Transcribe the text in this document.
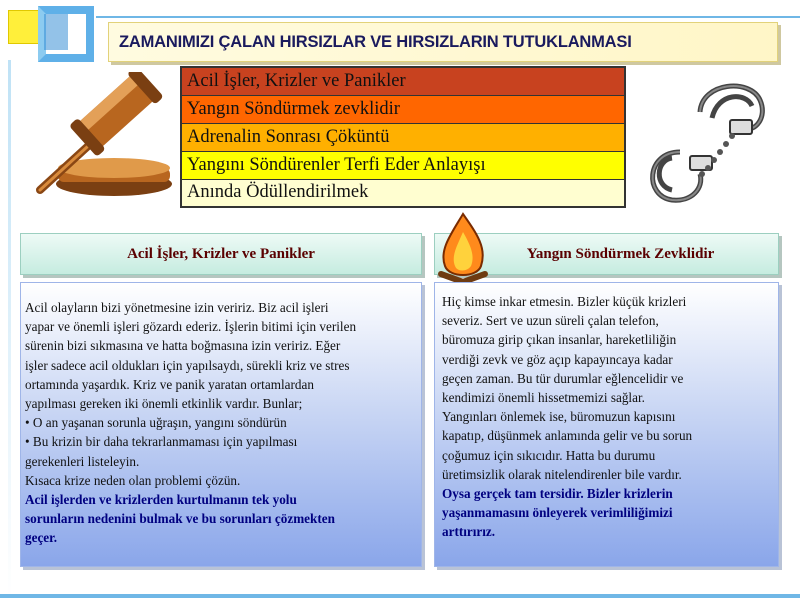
ZAMANIMIZI ÇALAN HIRSIZLAR VE HIRSIZLARIN TUTUKLANMASI
Acil İşler, Krizler ve Panikler
Yangın Söndürmek zevklidir
Adrenalin Sonrası Çöküntü
Yangını Söndürenler Terfi Eder Anlayışı
Anında Ödüllendirilmek
Acil İşler, Krizler ve Panikler	Yangın Söndürmek Zevklidir
Acil olayların bizi yönetmesine izin veririz. Biz acil işleri
yapar ve önemli işleri gözardı ederiz. İşlerin bitimi için verilen
sürenin bizi sıkmasına ve hatta boğmasına izin veririz. Eğer
işler sadece acil oldukları için yapılsaydı, sürekli kriz ve stres
ortamında yaşardık. Kriz ve panik yaratan ortamlardan
yapılması gereken iki önemli etkinlik vardır. Bunlar;
• O an yaşanan sorunla uğraşın, yangını söndürün
• Bu krizin bir daha tekrarlanmaması için yapılması
gerekenleri listeleyin.
Kısaca krize neden olan problemi çözün.
Acil işlerden ve krizlerden kurtulmanın tek yolu
sorunların nedenini bulmak ve bu sorunları çözmekten
geçer.
Hiç kimse inkar etmesin. Bizler küçük krizleri
severiz. Sert ve uzun süreli çalan telefon,
büromuza girip çıkan insanlar, hareketliliğin
verdiği zevk ve göz açıp kapayıncaya kadar
geçen zaman. Bu tür durumlar eğlencelidir ve
kendimizi önemli hissetmemizi sağlar.
Yangınları önlemek ise, büromuzun kapısını
kapatıp, düşünmek anlamında gelir ve bu sorun
çoğumuz için sıkıcıdır. Hatta bu durumu
üretimsizlik olarak nitelendirenler bile vardır.
Oysa gerçek tam tersidir. Bizler krizlerin
yaşanmamasını önleyerek verimliliğimizi
arttırırız.
